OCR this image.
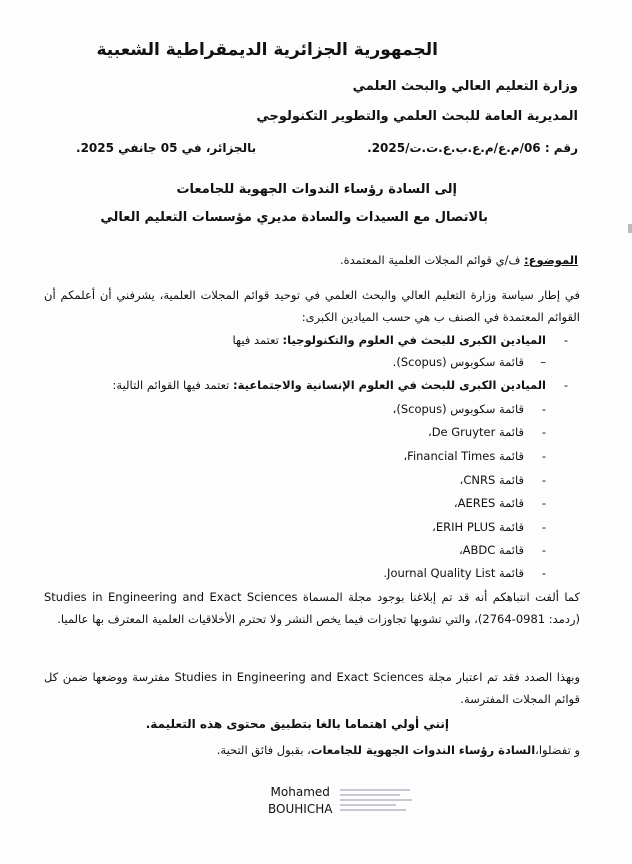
الجمهورية الجزائرية الديمقراطية الشعبية
وزارة التعليم العالي والبحث العلمي
المديرية العامة للبحث العلمي والتطوير التكنولوجي
رقم : 06/م.ع/م.ع.ب.ع.ت.ت/2025.
بالجزائر، في 05 جانفي 2025.
إلى السادة رؤساء الندوات الجهوية للجامعات
بالاتصال مع السيدات والسادة مديري مؤسسات التعليم العالي
الموضوع: ف/ي قوائم المجلات العلمية المعتمدة.
في إطار سياسة وزارة التعليم العالي والبحث العلمي في توحيد قوائم المجلات العلمية، يشرفني أن أعلمكم أن القوائم المعتمدة في الصنف ب هي حسب الميادين الكبرى:
-الميادين الكبرى للبحث في العلوم والتكنولوجيا: تعتمد فيها
–قائمة سكوبوس (Scopus).
-الميادين الكبرى للبحث في العلوم الإنسانية والاجتماعية: تعتمد فيها القوائم التالية:
-قائمة سكوبوس (Scopus)،
-قائمة De Gruyter،
-قائمة Financial Times،
-قائمة CNRS،
-قائمة AERES،
-قائمة ERIH PLUS،
-قائمة ABDC،
-قائمة Journal Quality List.
كما ألفت انتباهكم أنه قد تم إبلاغنا بوجود مجلة المسماة Studies in Engineering and Exact Sciences (ردمد: 0981-2764)، والتي تشوبها تجاوزات فيما يخص النشر ولا تحترم الأخلاقيات العلمية المعترف بها عالميا.
وبهذا الصدد فقد تم اعتبار مجلة Studies in Engineering and Exact Sciences مفترسة ووضعها ضمن كل قوائم المجلات المفترسة.
إنني أولي اهتماما بالغا بتطبيق محتوى هذه التعليمة.
و تفضلوا،السادة رؤساء الندوات الجهوية للجامعات، بقبول فائق التحية.
Mohamed
BOUHICHA
